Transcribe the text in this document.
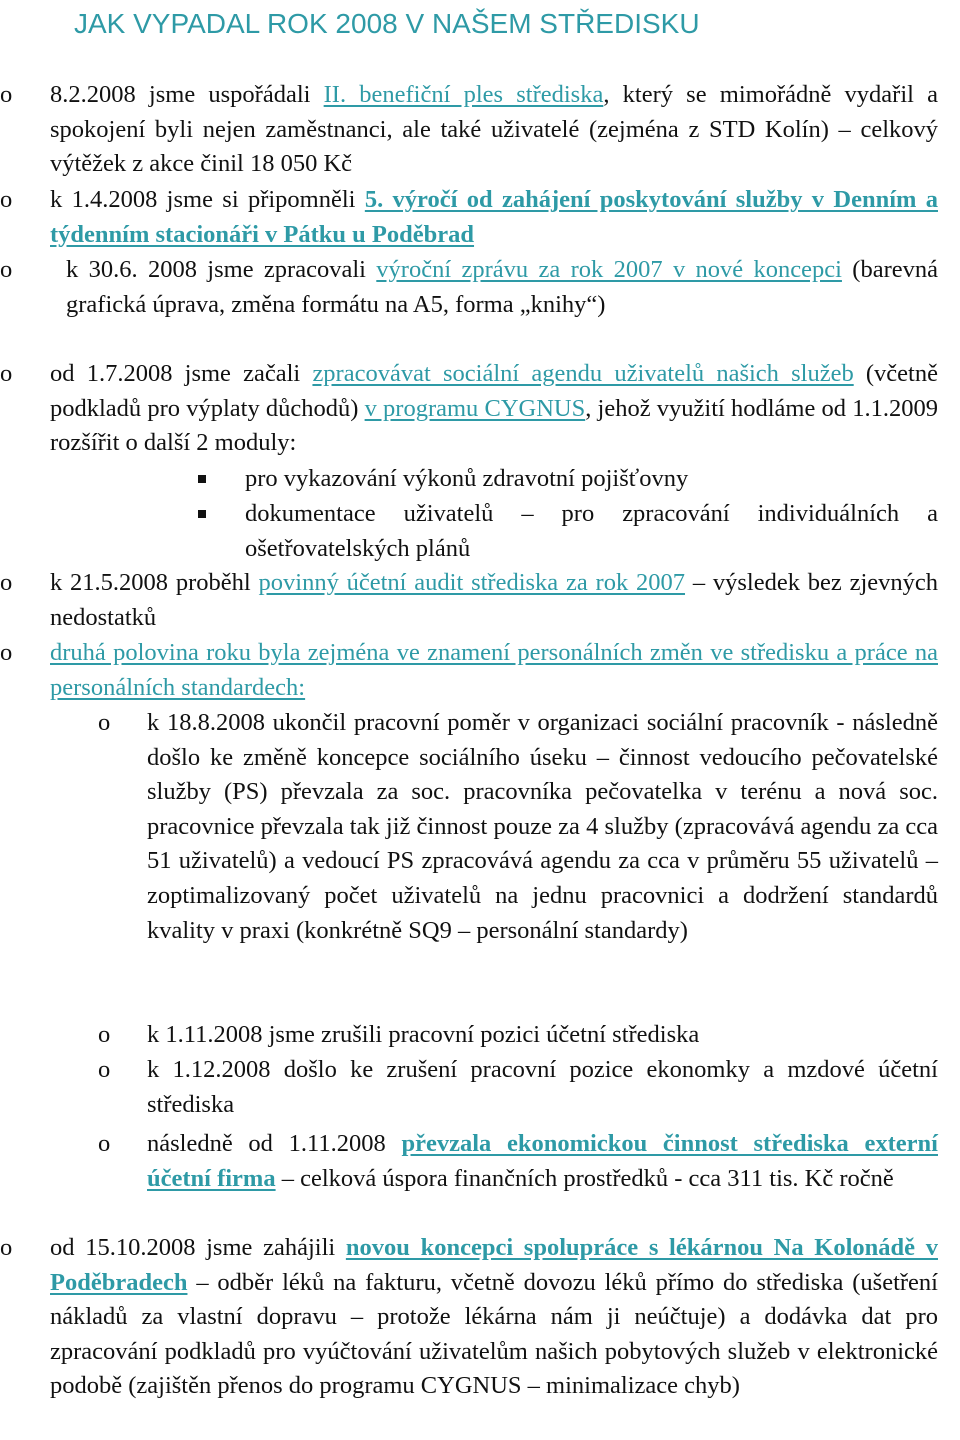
JAK VYPADAL ROK 2008 V NAŠEM STŘEDISKU
o 8.2.2008 jsme uspořádali II. benefiční ples střediska, který se mimořádně vydařil a spokojení byli nejen zaměstnanci, ale také uživatelé (zejména z STD Kolín) – celkový výtěžek z akce činil 18 050 Kč

o k 1.4.2008 jsme si připomněli 5. výročí od zahájení poskytování služby v Denním a týdenním stacionáři v Pátku u Poděbrad

o k 30.6. 2008 jsme zpracovali výroční zprávu za rok 2007 v nové koncepci (barevná grafická úprava, změna formátu na A5, forma „knihy“)

o od 1.7.2008 jsme začali zpracovávat sociální agendu uživatelů našich služeb (včetně podkladů pro výplaty důchodů) v programu CYGNUS, jehož využití hodláme od 1.1.2009 rozšířit o další 2 moduly:

pro vykazování výkonů zdravotní pojišťovny

dokumentace uživatelů – pro zpracování individuálních a ošetřovatelských plánů

o k 21.5.2008 proběhl povinný účetní audit střediska za rok 2007 – výsledek bez zjevných nedostatků

o druhá polovina roku byla zejména ve znamení personálních změn ve středisku a práce na personálních standardech:

o k 18.8.2008 ukončil pracovní poměr v organizaci sociální pracovník - následně došlo ke změně koncepce sociálního úseku – činnost vedoucího pečovatelské služby (PS) převzala za soc. pracovníka pečovatelka v terénu a nová soc. pracovnice převzala tak již činnost pouze za 4 služby (zpracovává agendu za cca 51 uživatelů) a vedoucí PS zpracovává agendu za cca v průměru 55 uživatelů – zoptimalizovaný počet uživatelů na jednu pracovnici a dodržení standardů kvality v praxi (konkrétně SQ9 – personální standardy)

o k 1.11.2008 jsme zrušili pracovní pozici účetní střediska

o k 1.12.2008 došlo ke zrušení pracovní pozice ekonomky a mzdové účetní střediska

o následně od 1.11.2008 převzala ekonomickou činnost střediska externí účetní firma – celková úspora finančních prostředků - cca 311 tis. Kč ročně

o od 15.10.2008 jsme zahájili novou koncepci spolupráce s lékárnou Na Kolonádě v Poděbradech – odběr léků na fakturu, včetně dovozu léků přímo do střediska (ušetření nákladů za vlastní dopravu – protože lékárna nám ji neúčtuje) a dodávka dat pro zpracování podkladů pro vyúčtování uživatelům našich pobytových služeb v elektronické podobě (zajištěn přenos do programu CYGNUS – minimalizace chyb)
